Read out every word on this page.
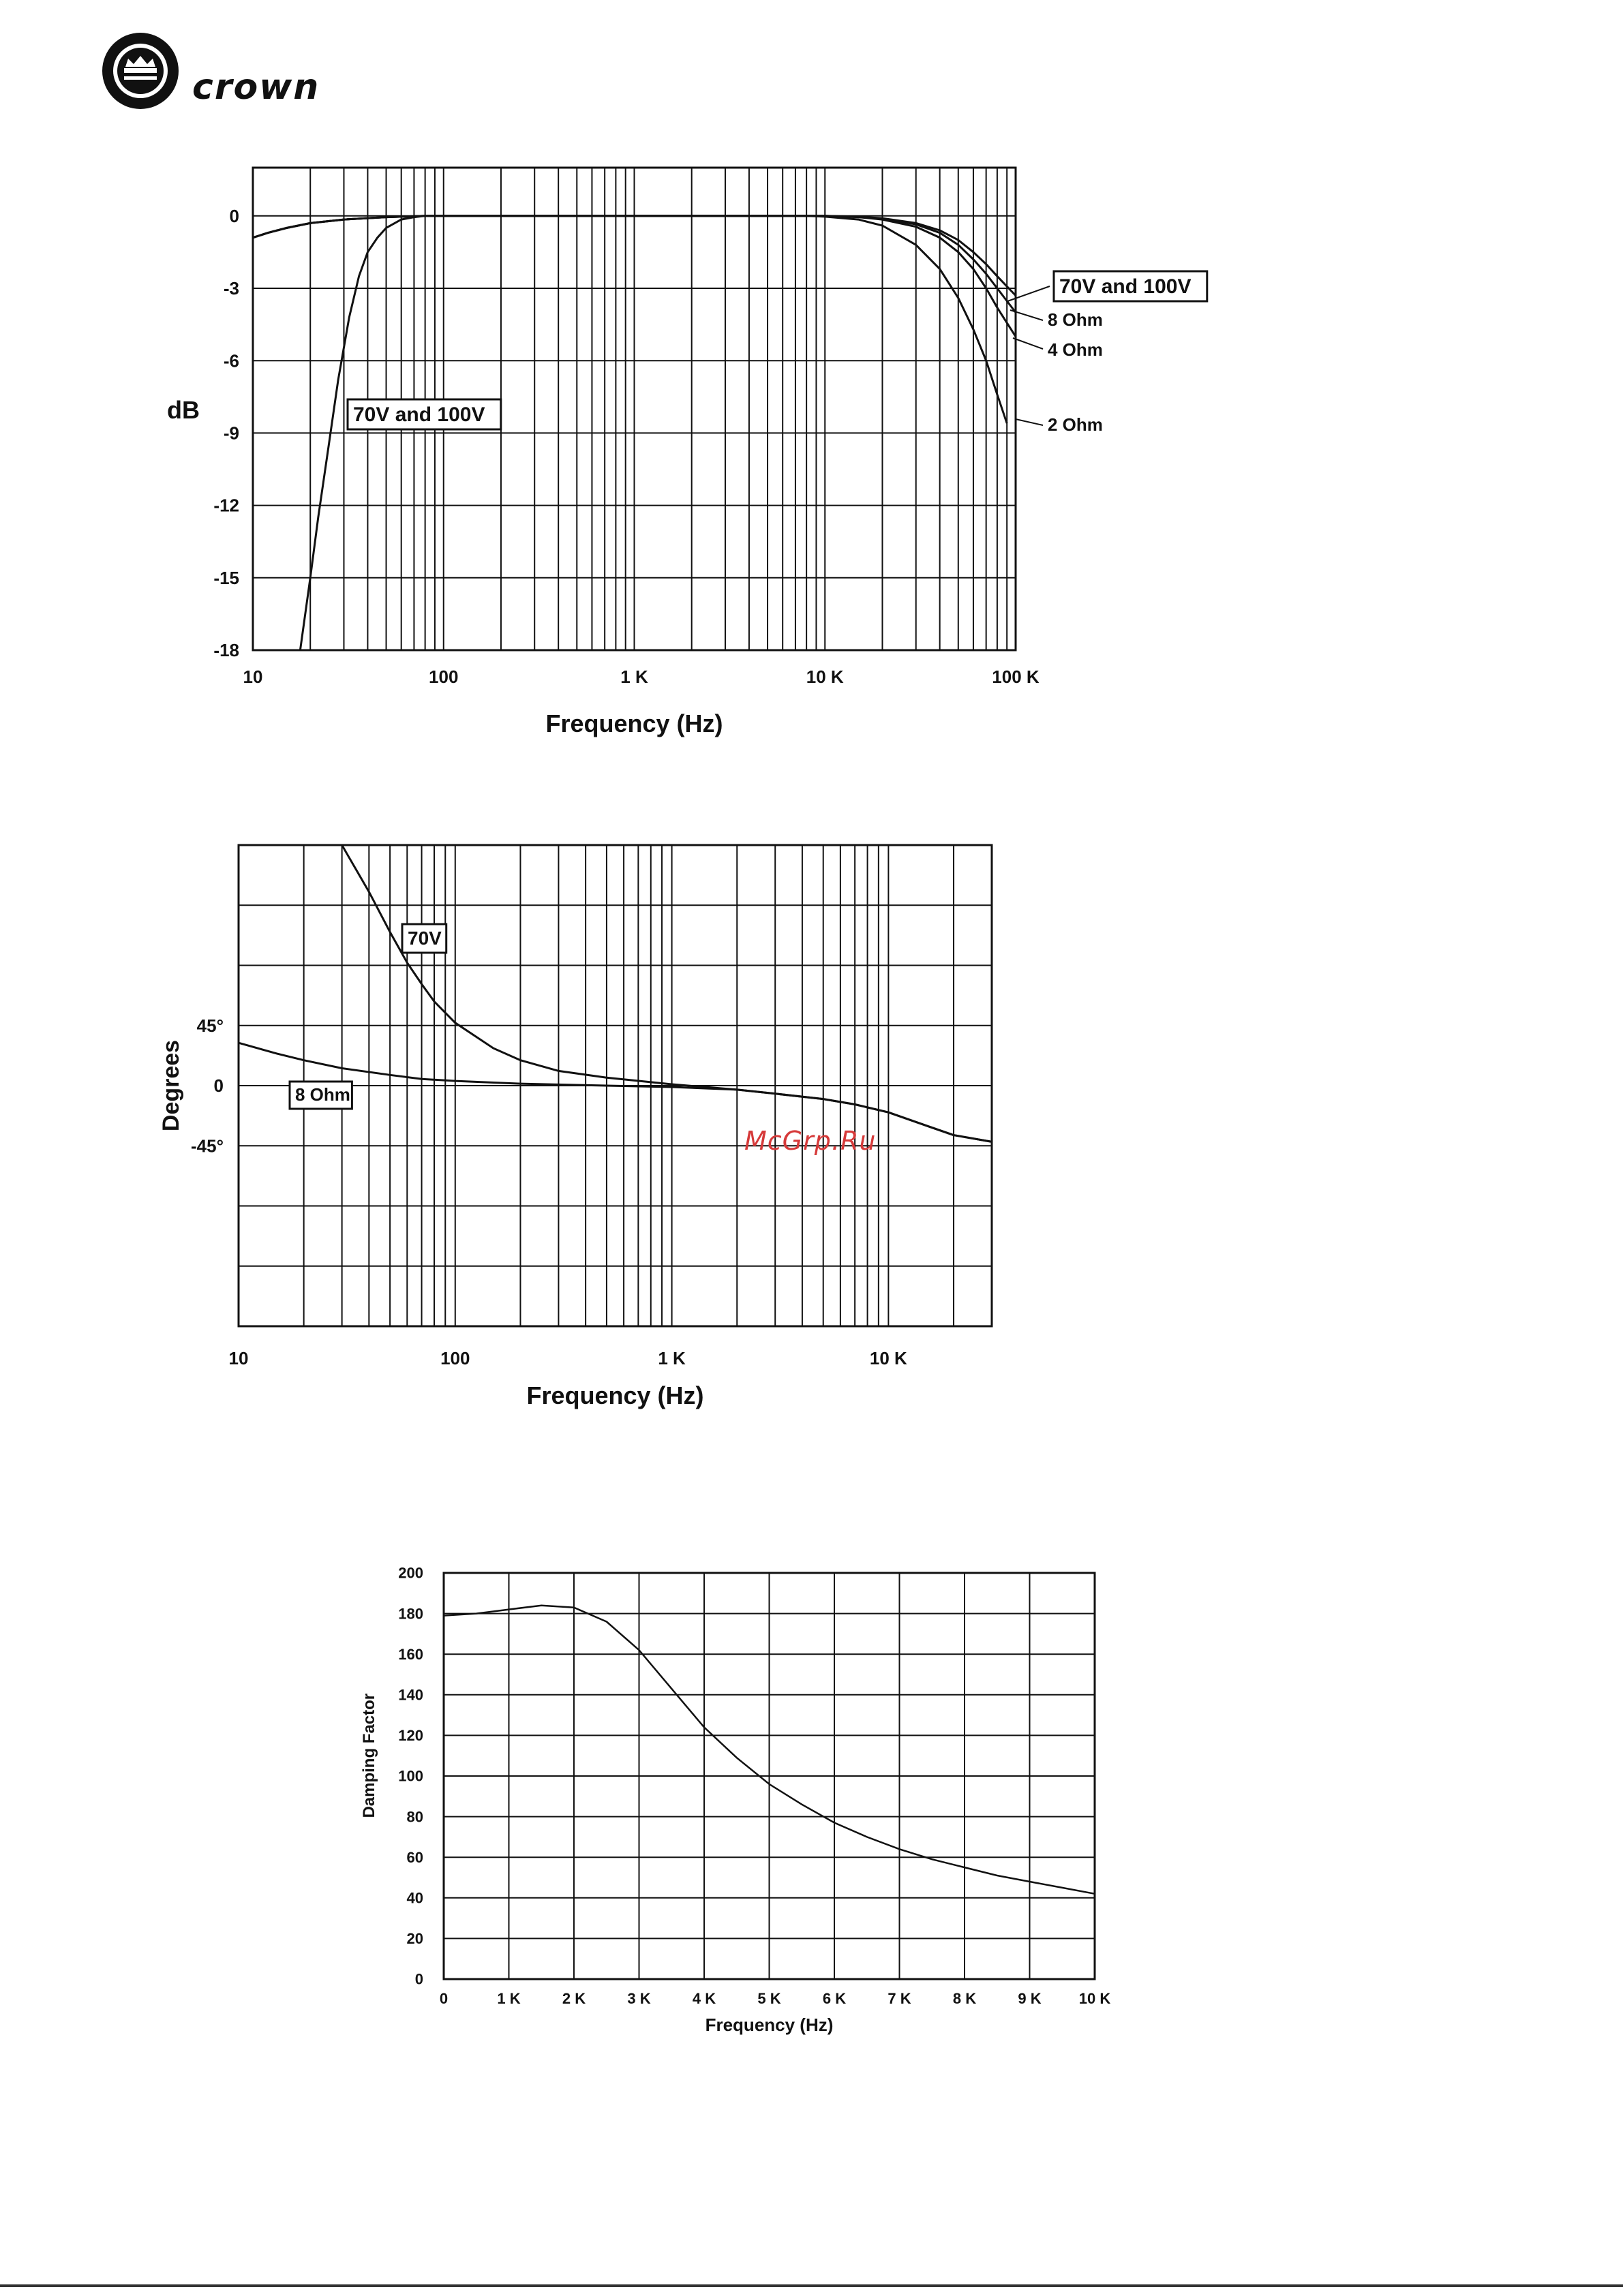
crown
10	100	1 K	10 K	100 K
0
-3
-6
-9
-12
-15
-18
Frequency (Hz)
dB	70V and 100V
70V and 100V
8 Ohm
4 Ohm
2 Ohm
10	100	1 K	10 K
45°
0
-45°
Frequency (Hz)
Degrees
70V
8 Ohm
0	1 K	2 K	3 K	4 K	5 K	6 K	7 K	8 K	9 K	10 K
0
20
40
60
80
100
120
140
160
180
200
Frequency (Hz)
Damping Factor
McGrp.Ru
